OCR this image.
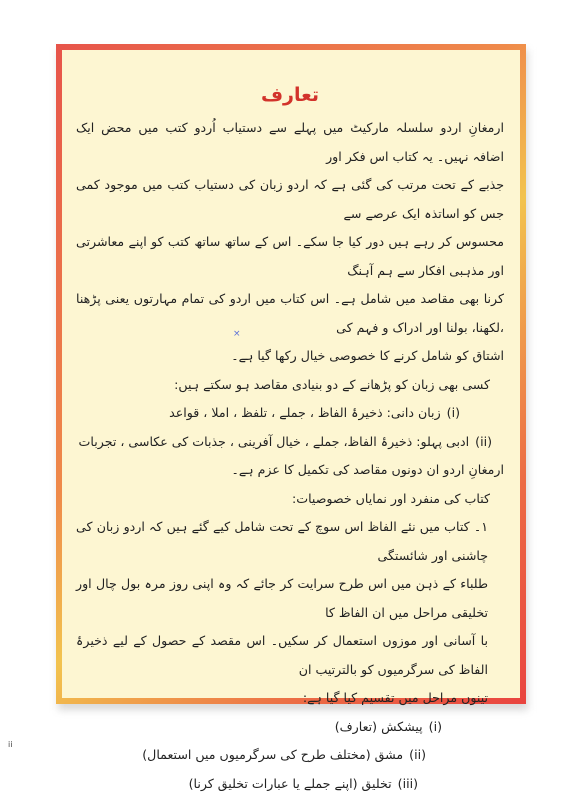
تعارف

ارمغانِ اردو سلسلہ مارکیٹ میں پہلے سے دستیاب اُردو کتب میں محض ایک اضافہ نہیں۔ یہ کتاب اس فکر اور
جذبے کے تحت مرتب کی گئی ہے کہ اردو زبان کی دستیاب کتب میں موجود کمی جس کو اساتذہ ایک عرصے سے
محسوس کر رہے ہیں دور کیا جا سکے۔ اس کے ساتھ ساتھ کتب کو اپنے معاشرتی اور مذہبی افکار سے ہم آہنگ
کرنا بھی مقاصد میں شامل ہے۔ اس کتاب میں اردو کی تمام مہارتوں یعنی پڑھنا ،لکھنا، بولنا اور ادراک و فہم کی
اشتاق کو شامل کرنے کا خصوصی خیال رکھا گیا ہے۔

کسی بھی زبان کو پڑھانے کے دو بنیادی مقاصد ہو سکتے ہیں:

(i)زبان دانی: ذخیرۂ الفاظ ، جملے ، تلفظ ، املا ، قواعد
(ii)ادبی پہلو: ذخیرۂ الفاظ، جملے ، خیال آفرینی ، جذبات کی عکاسی ، تجربات

ارمغانِ اردو ان دونوں مقاصد کی تکمیل کا عزم ہے۔

کتاب کی منفرد اور نمایاں خصوصیات:

۱۔ کتاب میں نئے الفاظ اس سوچ کے تحت شامل کیے گئے ہیں کہ اردو زبان کی چاشنی اور شائستگی
طلباء کے ذہن میں اس طرح سرایت کر جائے کہ وہ اپنی روز مرہ بول چال اور تخلیقی مراحل میں ان الفاظ کا
با آسانی اور موزوں استعمال کر سکیں۔ اس مقصد کے حصول کے لیے ذخیرۂ الفاظ کی سرگرمیوں کو بالترتیب ان
تینوں مراحل میں تقسیم کیا گیا ہے:

(i)پیشکش (تعارف)
(ii)مشق (مختلف طرح کی سرگرمیوں میں استعمال)
(iii)تخلیق (اپنے جملے یا عبارات تخلیق کرنا)
×
ii
